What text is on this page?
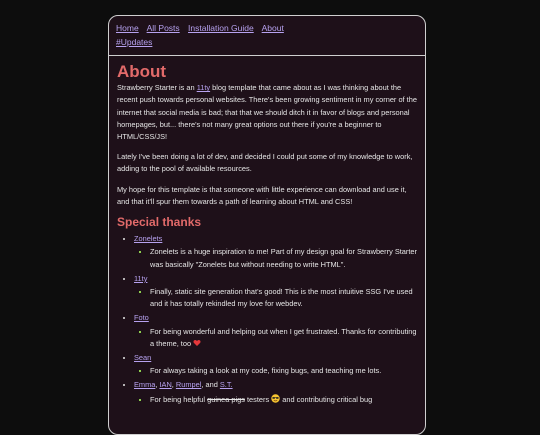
Home All Posts Installation Guide About
#Updates
About

Strawberry Starter is an 11ty blog template that came about as I was thinking about the recent push towards personal websites. There's been growing sentiment in my corner of the internet that social media is bad; that that we should ditch it in favor of blogs and personal homepages, but... there's not many great options out there if you're a beginner to HTML/CSS/JS!

Lately I've been doing a lot of dev, and decided I could put some of my knowledge to work, adding to the pool of available resources.

My hope for this template is that someone with little experience can download and use it, and that it'll spur them towards a path of learning about HTML and CSS!

Special thanks
• Zonelets
▪ Zonelets is a huge inspiration to me! Part of my design goal for Strawberry Starter was basically "Zonelets but without needing to write HTML".
• 11ty
▪ Finally, static site generation that's good! This is the most intuitive SSG I've used and it has totally rekindled my love for webdev.
• Foto
▪ For being wonderful and helping out when I get frustrated. Thanks for contributing a theme, too
• Sean
▪ For always taking a look at my code, fixing bugs, and teaching me lots.
• Emma, IAN, Rumpel, and S.T.
▪ For being helpful guinea pigs testers  and contributing critical bug
